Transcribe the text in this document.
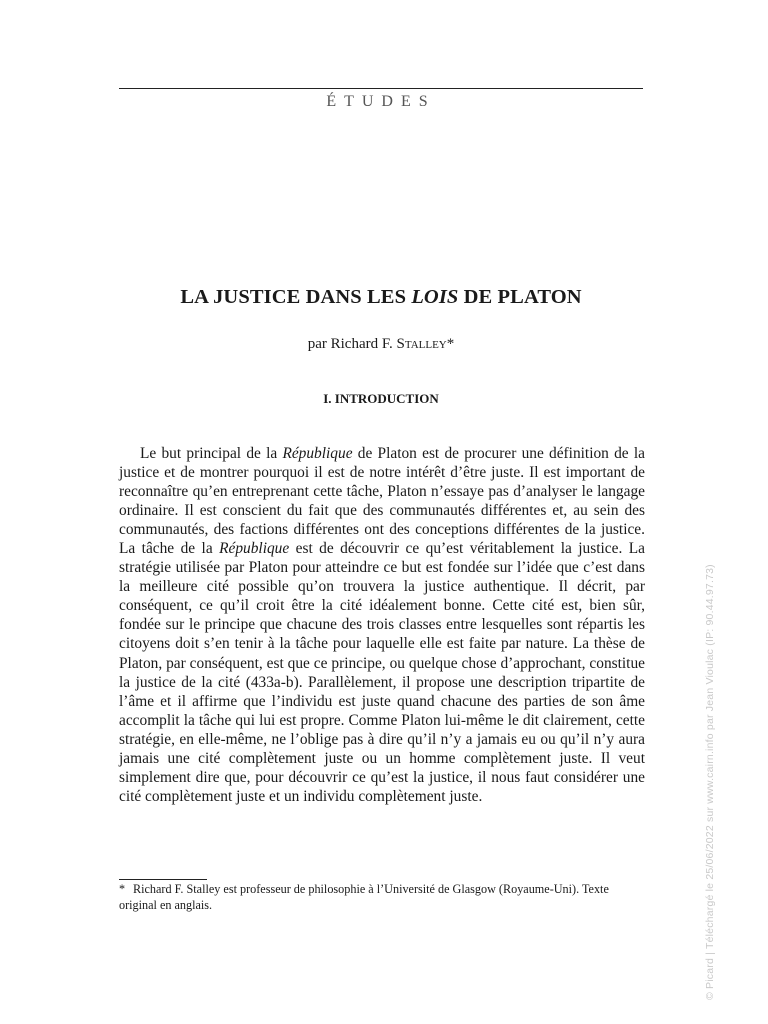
ÉTUDES
LA JUSTICE DANS LES LOIS DE PLATON
par Richard F. Stalley*
I. INTRODUCTION

Le but principal de la République de Platon est de procurer une définition de la justice et de montrer pourquoi il est de notre intérêt d’être juste. Il est important de reconnaître qu’en entreprenant cette tâche, Platon n’essaye pas d’analyser le langage ordinaire. Il est conscient du fait que des communautés différentes et, au sein des communautés, des factions différentes ont des conceptions différentes de la justice. La tâche de la République est de découvrir ce qu’est véritablement la justice. La stratégie utilisée par Platon pour atteindre ce but est fondée sur l’idée que c’est dans la meilleure cité possible qu’on trouvera la justice authentique. Il décrit, par conséquent, ce qu’il croit être la cité idéalement bonne. Cette cité est, bien sûr, fondée sur le principe que chacune des trois classes entre lesquelles sont répartis les citoyens doit s’en tenir à la tâche pour laquelle elle est faite par nature. La thèse de Platon, par conséquent, est que ce principe, ou quelque chose d’approchant, constitue la justice de la cité (433a-b). Parallèlement, il propose une description tripartite de l’âme et il affirme que l’individu est juste quand chacune des parties de son âme accomplit la tâche qui lui est propre. Comme Platon lui-même le dit clairement, cette stratégie, en elle-même, ne l’oblige pas à dire qu’il n’y a jamais eu ou qu’il n’y aura jamais une cité complètement juste ou un homme complètement juste. Il veut simplement dire que, pour découvrir ce qu’est la justice, il nous faut considérer une cité complètement juste et un individu complètement juste.

* Richard F. Stalley est professeur de philosophie à l’Université de Glasgow (Royaume-Uni). Texte original en anglais.	© Picard | Téléchargé le 25/06/2022 sur www.cairn.info par Jean Vioulac (IP: 90.44.97.73)
